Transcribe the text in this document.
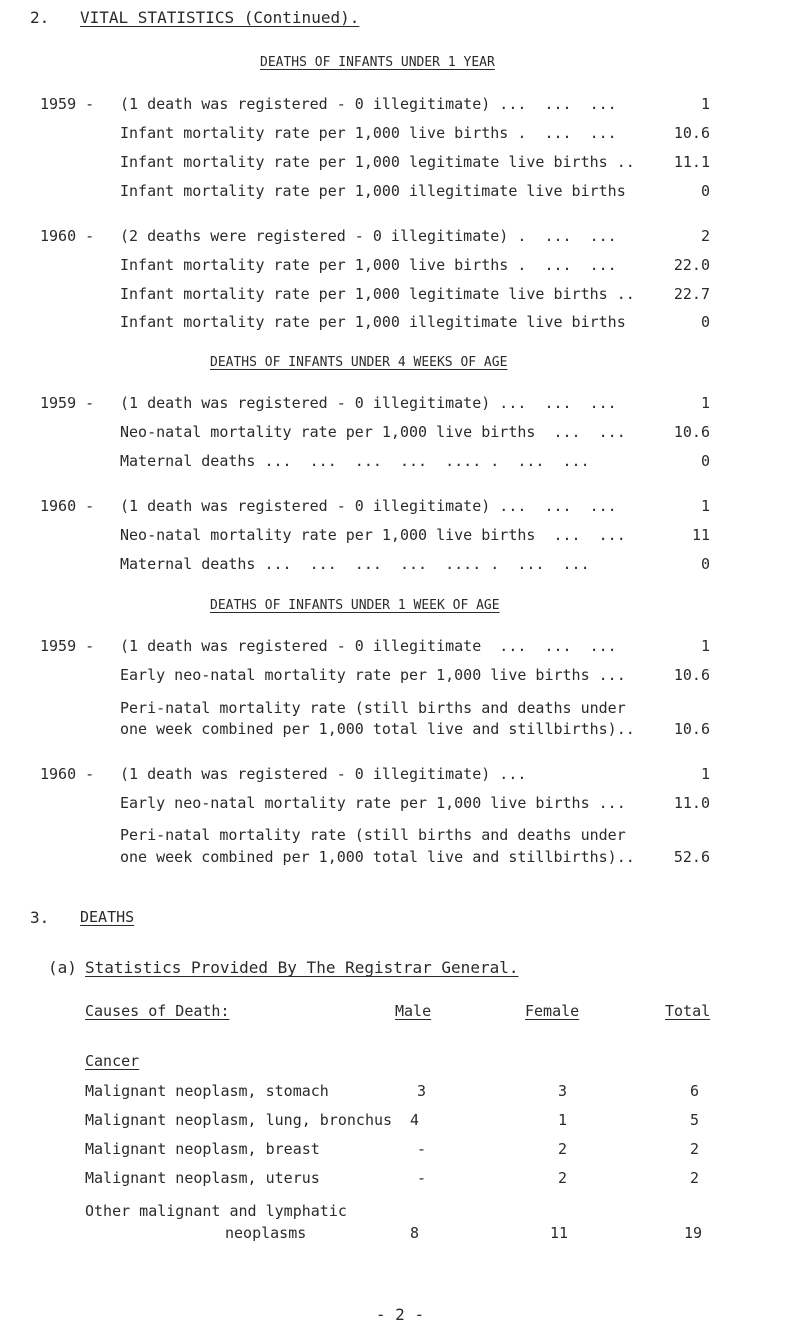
2. VITAL STATISTICS (Continued).
DEATHS OF INFANTS UNDER 1 YEAR
1959 - (1 death was registered - 0 illegitimate) ...  ...  ...	1
Infant mortality rate per 1,000 live births .  ...  ...	10.6
Infant mortality rate per 1,000 legitimate live births ..	11.1
Infant mortality rate per 1,000 illegitimate live births	0
1960 - (2 deaths were registered - 0 illegitimate) .  ...  ...	2
Infant mortality rate per 1,000 live births .  ...  ...	22.0
Infant mortality rate per 1,000 legitimate live births ..	22.7
Infant mortality rate per 1,000 illegitimate live births	0
DEATHS OF INFANTS UNDER 4 WEEKS OF AGE
1959 - (1 death was registered - 0 illegitimate) ...  ...  ...	1
Neo-natal mortality rate per 1,000 live births  ...  ...	10.6
Maternal deaths ...  ...  ...  ...  .... .  ...  ...	0
1960 - (1 death was registered - 0 illegitimate) ...  ...  ...	1
Neo-natal mortality rate per 1,000 live births  ...  ...	11
Maternal deaths ...  ...  ...  ...  .... .  ...  ...	0
DEATHS OF INFANTS UNDER 1 WEEK OF AGE
1959 - (1 death was registered - 0 illegitimate  ...  ...  ...	1
Early neo-natal mortality rate per 1,000 live births ...	10.6
Peri-natal mortality rate (still births and deaths under
one week combined per 1,000 total live and stillbirths)..	10.6
1960 - (1 death was registered - 0 illegitimate) ...	1
Early neo-natal mortality rate per 1,000 live births ...	11.0
Peri-natal mortality rate (still births and deaths under
one week combined per 1,000 total live and stillbirths)..	52.6
3. DEATHS
(a) Statistics Provided By The Registrar General.
Causes of Death:	Male	Female	Total
Cancer
Malignant neoplasm, stomach	3	3	6
Malignant neoplasm, lung, bronchus 4	1	5
Malignant neoplasm, breast	-	2	2
Malignant neoplasm, uterus	-	2	2
Other malignant and lymphatic
neoplasms	8	11	19
- 2 -
